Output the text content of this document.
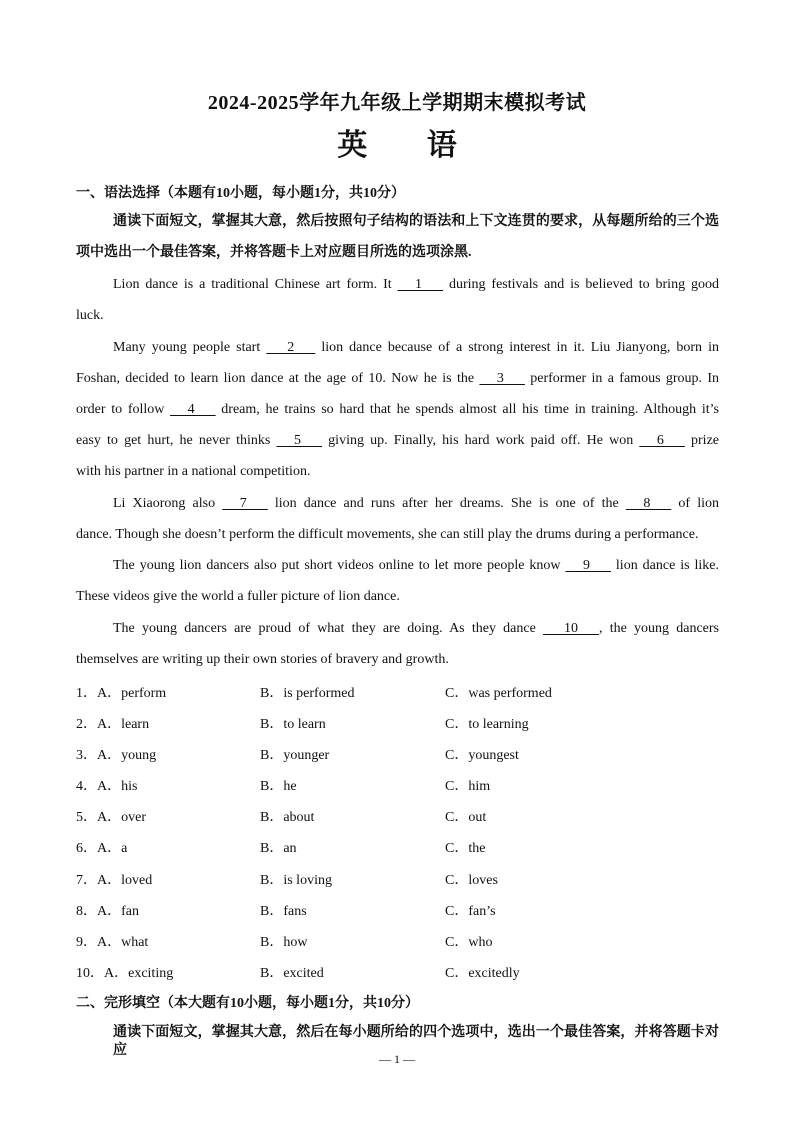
2024-2025学年九年级上学期期末模拟考试
英 语
一、语法选择（本题有10小题，每小题1分，共10分）
通读下面短文，掌握其大意，然后按照句子结构的语法和上下文连贯的要求，从每题所给的三个选
项中选出一个最佳答案，并将答题卡上对应题目所选的选项涂黑.
Lion dance is a traditional Chinese art form. It      1       during festivals and is believed to bring good
luck.
Many young people start       2       lion dance because of a strong interest in it. Liu Jianyong, born in
Foshan, decided to learn lion dance at the age of 10. Now he is the      3       performer in a famous group. In
order to follow      4       dream, he trains so hard that he spends almost all his time in training. Although it’s
easy to get hurt, he never thinks      5       giving up. Finally, his hard work paid off. He won      6       prize
with his partner in a national competition.
Li Xiaorong also      7       lion dance and runs after her dreams. She is one of the      8       of lion
dance. Though she doesn’t perform the difficult movements, she can still play the drums during a performance.
The young lion dancers also put short videos online to let more people know      9       lion dance is like.
These videos give the world a fuller picture of lion dance.
The young dancers are proud of what they are doing. As they dance       10      , the young dancers
themselves are writing up their own stories of bravery and growth.
1．A．perform	B．is performed	C．was performed
2．A．learn	B．to learn	C．to learning
3．A．young	B．younger	C．youngest
4．A．his	B．he	C．him
5．A．over	B．about	C．out
6．A．a	B．an	C．the
7．A．loved	B．is loving	C．loves
8．A．fan	B．fans	C．fan’s
9．A．what	B．how	C．who
10．A．exciting	B．excited	C．excitedly
二、完形填空（本大题有10小题，每小题1分，共10分）
通读下面短文，掌握其大意，然后在每小题所给的四个选项中，选出一个最佳答案，并将答题卡对应
— 1 —
